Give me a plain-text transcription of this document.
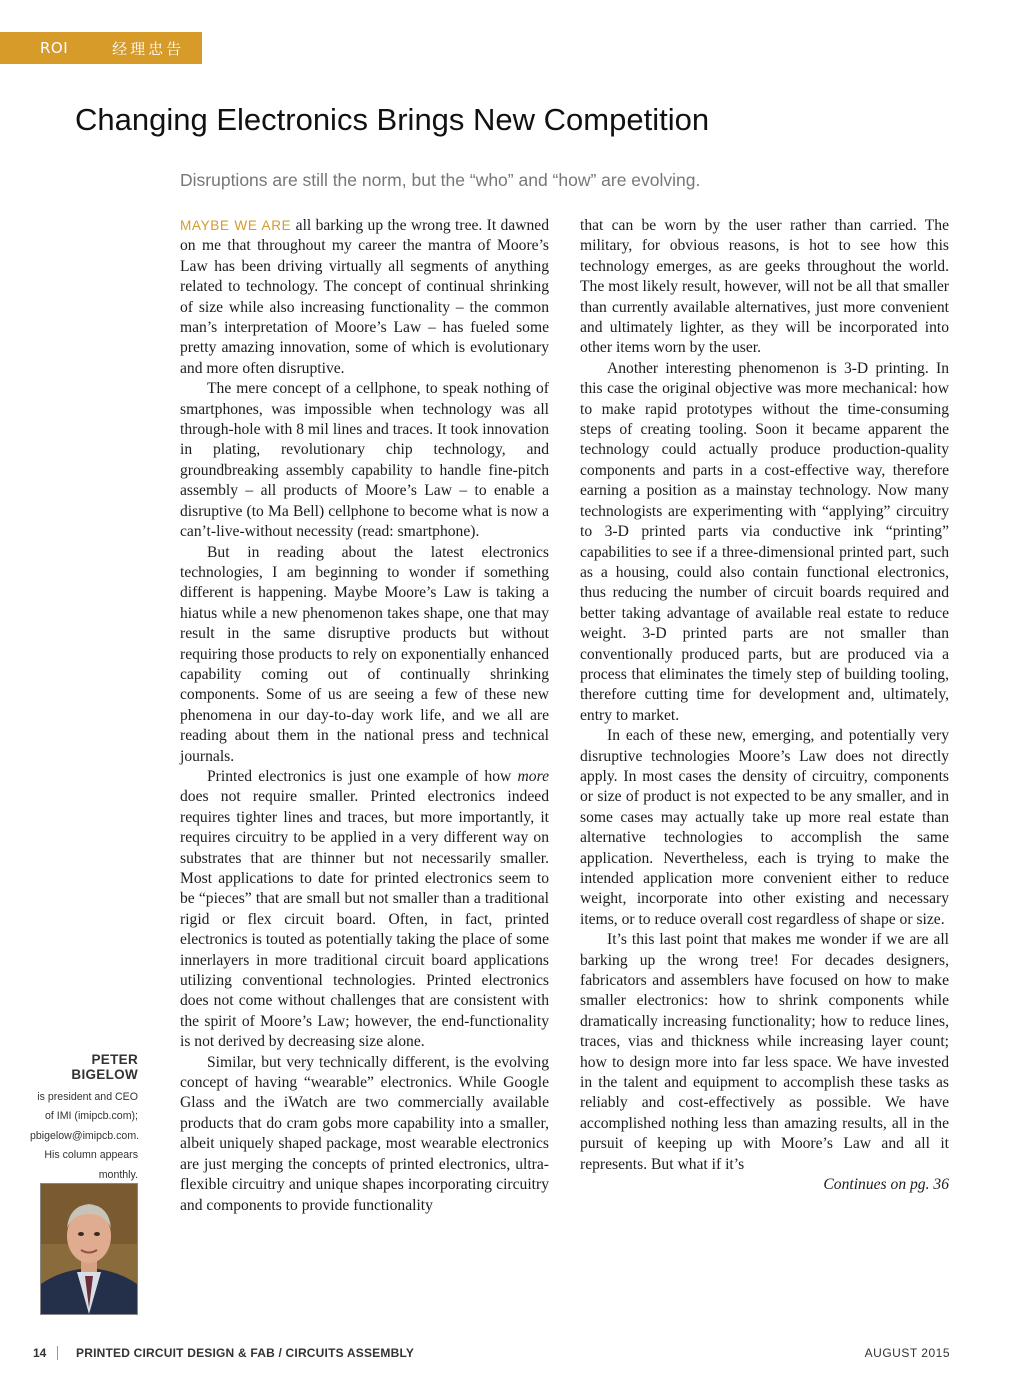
ROI	经理忠告
Changing Electronics Brings New Competition

Disruptions are still the norm, but the “who” and “how” are evolving.

MAYBE WE ARE all barking up the wrong tree. It dawned on me that throughout my career the mantra of Moore’s Law has been driving virtually all segments of anything related to technology. The concept of continual shrinking of size while also increasing functionality – the common man’s interpretation of Moore’s Law – has fueled some pretty amazing innovation, some of which is evolutionary and more often disruptive.

The mere concept of a cellphone, to speak nothing of smartphones, was impossible when technology was all through-hole with 8 mil lines and traces. It took innovation in plating, revolutionary chip technology, and groundbreaking assembly capability to handle fine-pitch assembly – all products of Moore’s Law – to enable a disruptive (to Ma Bell) cellphone to become what is now a can’t-live-without necessity (read: smartphone).

But in reading about the latest electronics technologies, I am beginning to wonder if something different is happening. Maybe Moore’s Law is taking a hiatus while a new phenomenon takes shape, one that may result in the same disruptive products but without requiring those products to rely on exponentially enhanced capability coming out of continually shrinking components. Some of us are seeing a few of these new phenomena in our day-to-day work life, and we all are reading about them in the national press and technical journals.

Printed electronics is just one example of how more does not require smaller. Printed electronics indeed requires tighter lines and traces, but more importantly, it requires circuitry to be applied in a very different way on substrates that are thinner but not necessarily smaller. Most applications to date for printed electronics seem to be “pieces” that are small but not smaller than a traditional rigid or flex circuit board. Often, in fact, printed electronics is touted as potentially taking the place of some innerlayers in more traditional circuit board applications utilizing conventional technologies. Printed electronics does not come without challenges that are consistent with the spirit of Moore’s Law; however, the end-functionality is not derived by decreasing size alone.

Similar, but very technically different, is the evolving concept of having “wearable” electronics. While Google Glass and the iWatch are two commercially available products that do cram gobs more capability into a smaller, albeit uniquely shaped package, most wearable electronics are just merging the concepts of printed electronics, ultra-flexible circuitry and unique shapes incorporating circuitry and components to provide functionality

that can be worn by the user rather than carried. The military, for obvious reasons, is hot to see how this technology emerges, as are geeks throughout the world. The most likely result, however, will not be all that smaller than currently available alternatives, just more convenient and ultimately lighter, as they will be incorporated into other items worn by the user.

Another interesting phenomenon is 3-D printing. In this case the original objective was more mechanical: how to make rapid prototypes without the time-consuming steps of creating tooling. Soon it became apparent the technology could actually produce production-quality components and parts in a cost-effective way, therefore earning a position as a mainstay technology. Now many technologists are experimenting with “applying” circuitry to 3-D printed parts via conductive ink “printing” capabilities to see if a three-dimensional printed part, such as a housing, could also contain functional electronics, thus reducing the number of circuit boards required and better taking advantage of available real estate to reduce weight. 3-D printed parts are not smaller than conventionally produced parts, but are produced via a process that eliminates the timely step of building tooling, therefore cutting time for development and, ultimately, entry to market.

In each of these new, emerging, and potentially very disruptive technologies Moore’s Law does not directly apply. In most cases the density of circuitry, components or size of product is not expected to be any smaller, and in some cases may actually take up more real estate than alternative technologies to accomplish the same application. Nevertheless, each is trying to make the intended application more convenient either to reduce weight, incorporate into other existing and necessary items, or to reduce overall cost regardless of shape or size.

It’s this last point that makes me wonder if we are all barking up the wrong tree! For decades designers, fabricators and assemblers have focused on how to make smaller electronics: how to shrink components while dramatically increasing functionality; how to reduce lines, traces, vias and thickness while increasing layer count; how to design more into far less space. We have invested in the talent and equipment to accomplish these tasks as reliably and cost-effectively as possible. We have accomplished nothing less than amazing results, all in the pursuit of keeping up with Moore’s Law and all it represents. But what if it’s

Continues on pg. 36

PETER BIGELOW
is president and CEO of IMI (imipcb.com); pbigelow@imipcb.com. His column appears monthly.
14 PRINTED CIRCUIT DESIGN & FAB / CIRCUITS ASSEMBLY	AUGUST 2015
